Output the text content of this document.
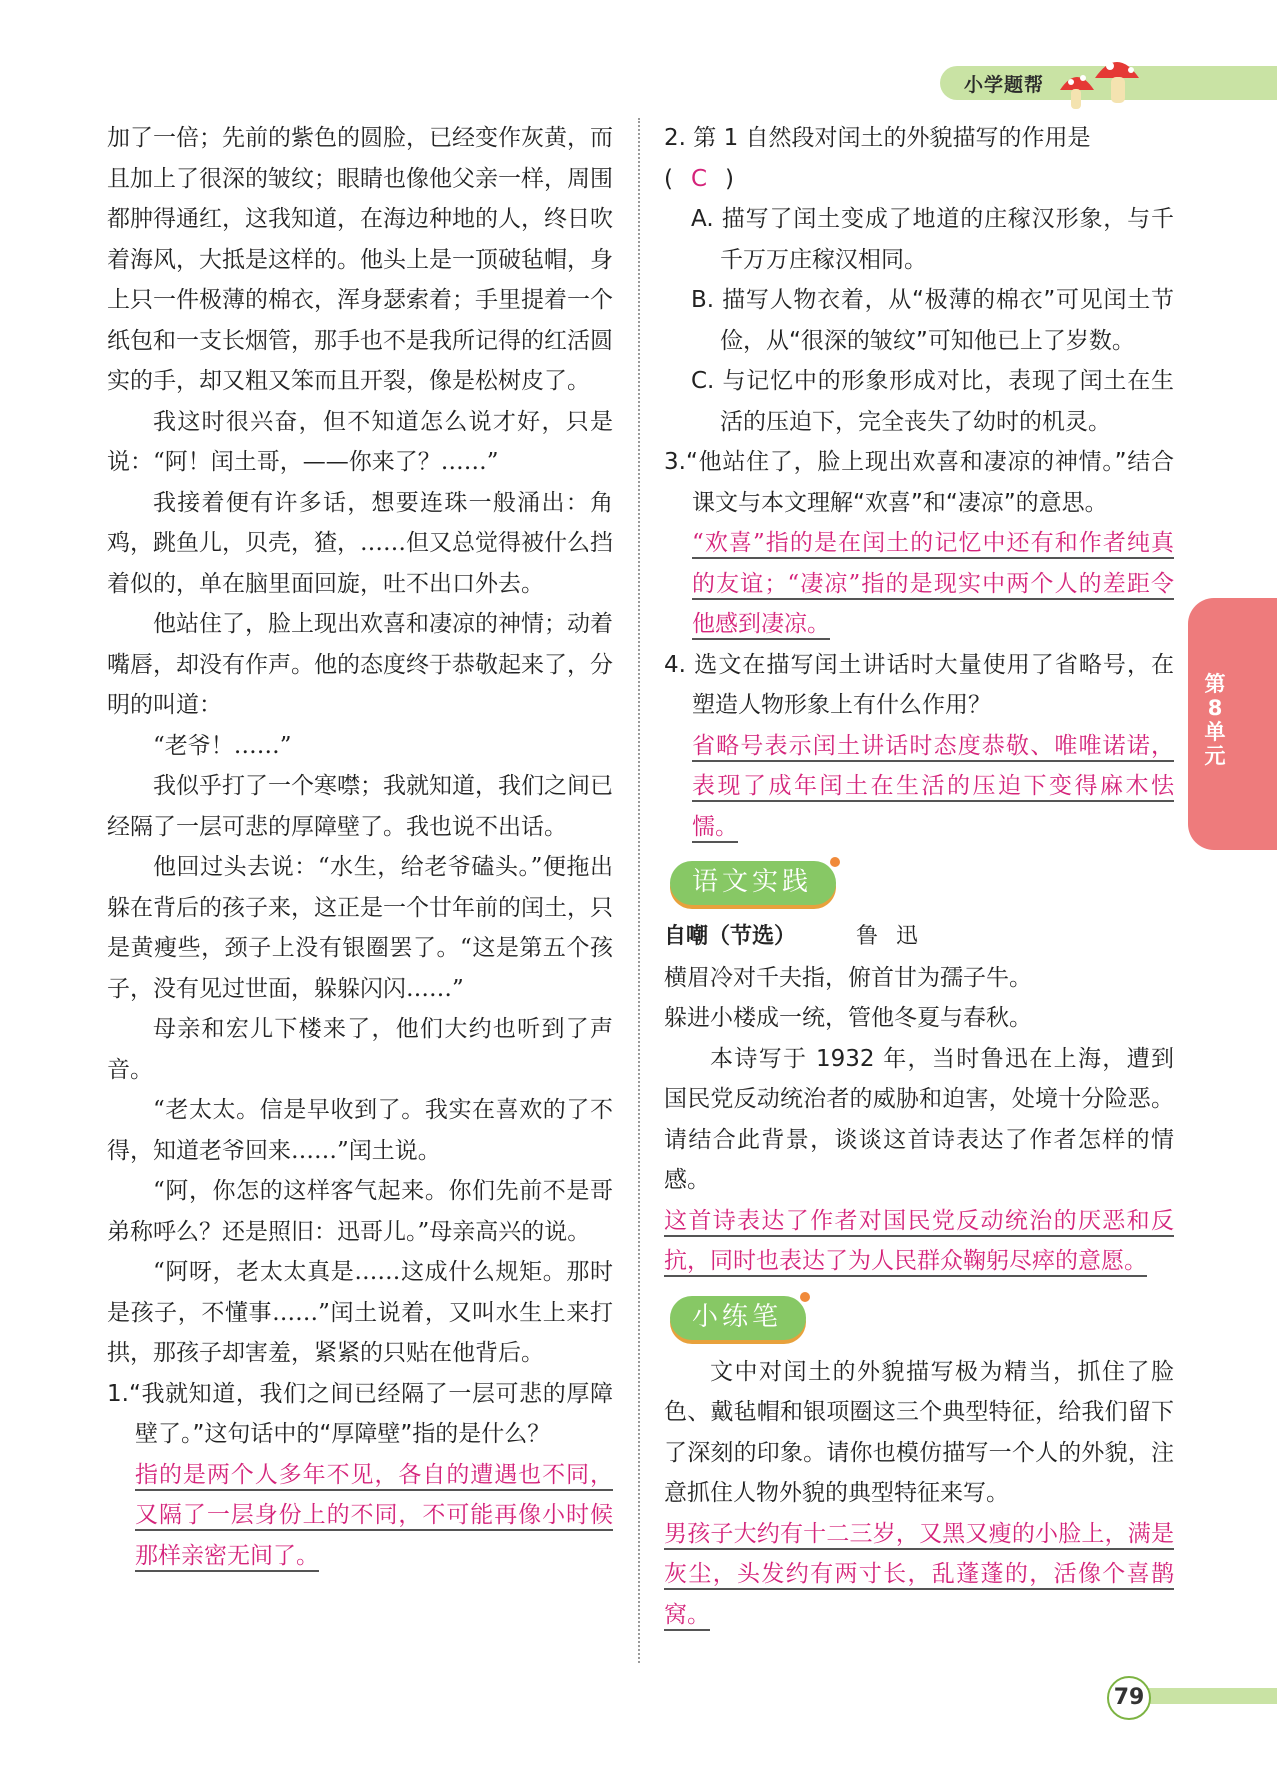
小学题帮

加了一倍；先前的紫色的圆脸，已经变作灰黄，而且加上了很深的皱纹；眼睛也像他父亲一样，周围都肿得通红，这我知道，在海边种地的人，终日吹着海风，大抵是这样的。他头上是一顶破毡帽，身上只一件极薄的棉衣，浑身瑟索着；手里提着一个纸包和一支长烟管，那手也不是我所记得的红活圆实的手，却又粗又笨而且开裂，像是松树皮了。

我这时很兴奋，但不知道怎么说才好，只是说：“阿！闰土哥，——你来了？……”

我接着便有许多话，想要连珠一般涌出：角鸡，跳鱼儿，贝壳，猹，……但又总觉得被什么挡着似的，单在脑里面回旋，吐不出口外去。

他站住了，脸上现出欢喜和凄凉的神情；动着嘴唇，却没有作声。他的态度终于恭敬起来了，分明的叫道：

“老爷！……”

我似乎打了一个寒噤；我就知道，我们之间已经隔了一层可悲的厚障壁了。我也说不出话。

他回过头去说：“水生，给老爷磕头。”便拖出躲在背后的孩子来，这正是一个廿年前的闰土，只是黄瘦些，颈子上没有银圈罢了。“这是第五个孩子，没有见过世面，躲躲闪闪……”

母亲和宏儿下楼来了，他们大约也听到了声音。

“老太太。信是早收到了。我实在喜欢的了不得，知道老爷回来……”闰土说。

“阿，你怎的这样客气起来。你们先前不是哥弟称呼么？还是照旧：迅哥儿。”母亲高兴的说。

“阿呀，老太太真是……这成什么规矩。那时是孩子，不懂事……”闰土说着，又叫水生上来打拱，那孩子却害羞，紧紧的只贴在他背后。

1.“我就知道，我们之间已经隔了一层可悲的厚障壁了。”这句话中的“厚障壁”指的是什么？

指的是两个人多年不见，各自的遭遇也不同，又隔了一层身份上的不同，不可能再像小时候那样亲密无间了。

2. 第 1 自然段对闰土的外貌描写的作用是

( C )

A. 描写了闰土变成了地道的庄稼汉形象，与千千万万庄稼汉相同。

B. 描写人物衣着，从“极薄的棉衣”可见闰土节俭，从“很深的皱纹”可知他已上了岁数。

C. 与记忆中的形象形成对比，表现了闰土在生活的压迫下，完全丧失了幼时的机灵。

3.“他站住了，脸上现出欢喜和凄凉的神情。”结合课文与本文理解“欢喜”和“凄凉”的意思。

“欢喜”指的是在闰土的记忆中还有和作者纯真的友谊；“凄凉”指的是现实中两个人的差距令他感到凄凉。

4. 选文在描写闰土讲话时大量使用了省略号，在塑造人物形象上有什么作用？

省略号表示闰土讲话时态度恭敬、唯唯诺诺，表现了成年闰土在生活的压迫下变得麻木怯懦。

语文实践

自嘲（节选）	鲁迅

横眉冷对千夫指，俯首甘为孺子牛。

躲进小楼成一统，管他冬夏与春秋。

本诗写于 1932 年，当时鲁迅在上海，遭到国民党反动统治者的威胁和迫害，处境十分险恶。请结合此背景，谈谈这首诗表达了作者怎样的情感。

这首诗表达了作者对国民党反动统治的厌恶和反抗，同时也表达了为人民群众鞠躬尽瘁的意愿。

小练笔

文中对闰土的外貌描写极为精当，抓住了脸色、戴毡帽和银项圈这三个典型特征，给我们留下了深刻的印象。请你也模仿描写一个人的外貌，注意抓住人物外貌的典型特征来写。

男孩子大约有十二三岁，又黑又瘦的小脸上，满是灰尘，头发约有两寸长，乱蓬蓬的，活像个喜鹊窝。

第8单元
79
